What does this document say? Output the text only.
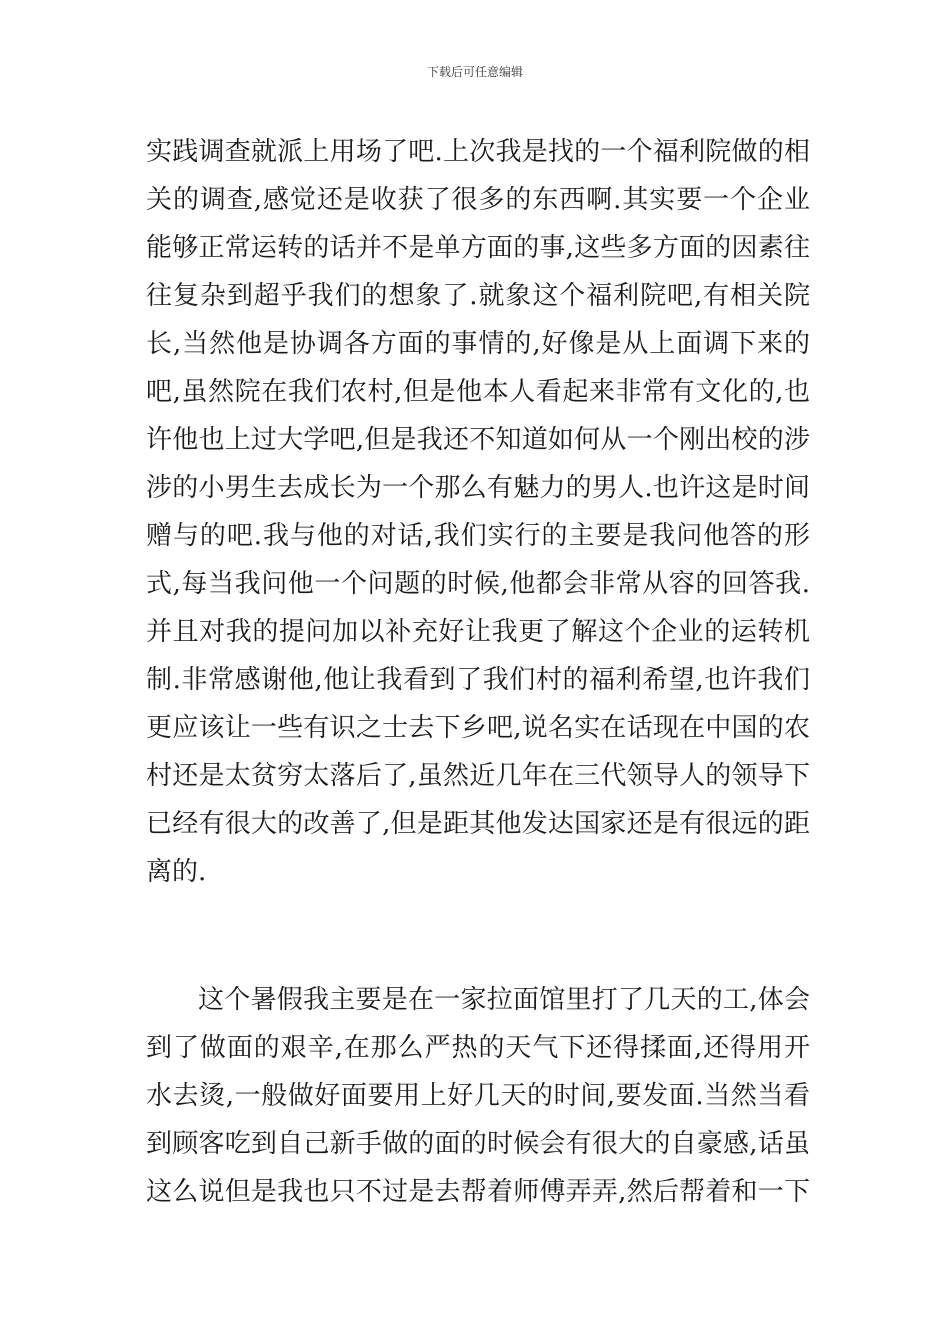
下载后可任意编辑
实践调查就派上用场了吧.上次我是找的一个福利院做的相
关的调查,感觉还是收获了很多的东西啊.其实要一个企业
能够正常运转的话并不是单方面的事,这些多方面的因素往
往复杂到超乎我们的想象了.就象这个福利院吧,有相关院
长,当然他是协调各方面的事情的,好像是从上面调下来的
吧,虽然院在我们农村,但是他本人看起来非常有文化的,也
许他也上过大学吧,但是我还不知道如何从一个刚出校的涉
涉的小男生去成长为一个那么有魅力的男人.也许这是时间
赠与的吧.我与他的对话,我们实行的主要是我问他答的形
式,每当我问他一个问题的时候,他都会非常从容的回答我.
并且对我的提问加以补充好让我更了解这个企业的运转机
制.非常感谢他,他让我看到了我们村的福利希望,也许我们
更应该让一些有识之士去下乡吧,说名实在话现在中国的农
村还是太贫穷太落后了,虽然近几年在三代领导人的领导下
已经有很大的改善了,但是距其他发达国家还是有很远的距
离的.
这个暑假我主要是在一家拉面馆里打了几天的工,体会
到了做面的艰辛,在那么严热的天气下还得揉面,还得用开
水去烫,一般做好面要用上好几天的时间,要发面.当然当看
到顾客吃到自己新手做的面的时候会有很大的自豪感,话虽
这么说但是我也只不过是去帮着师傅弄弄,然后帮着和一下
